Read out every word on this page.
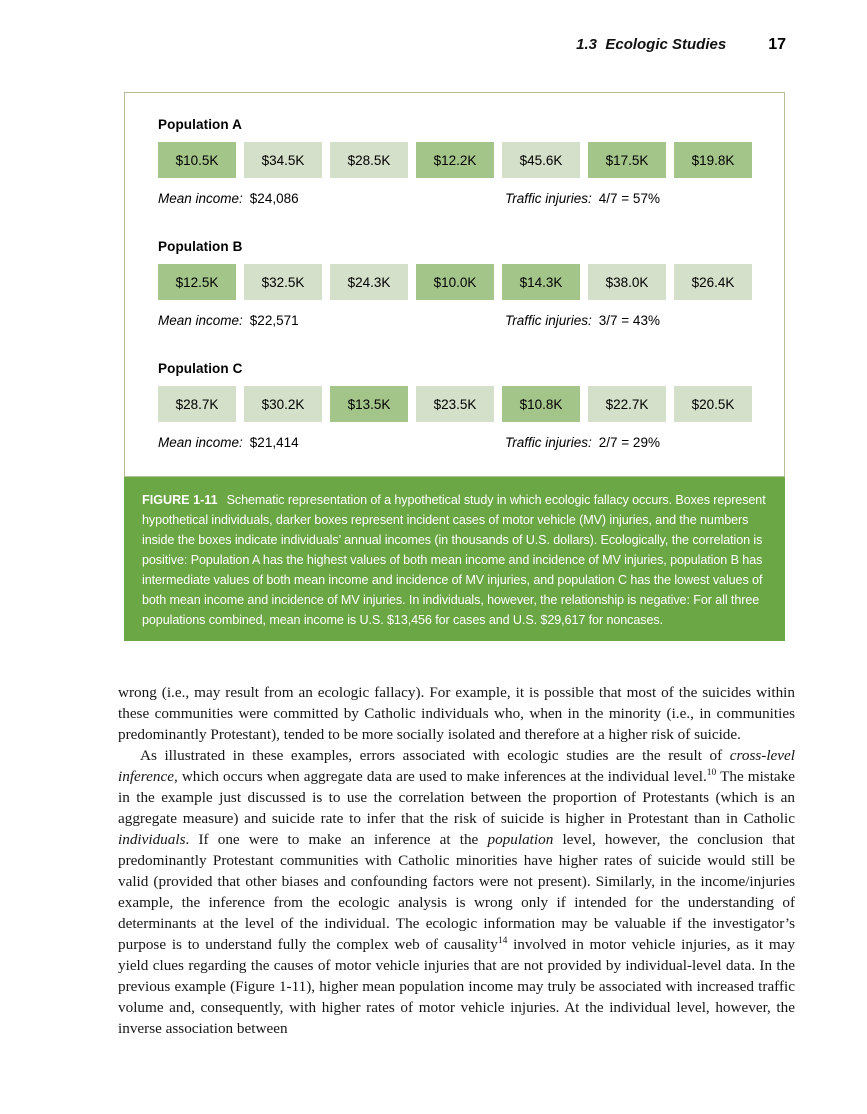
1.3  Ecologic Studies	17
Population A
$10.5K	$34.5K	$28.5K	$12.2K	$45.6K	$17.5K	$19.8K
Mean income: $24,086	Traffic injuries: 4/7 = 57%
Population B
$12.5K	$32.5K	$24.3K	$10.0K	$14.3K	$38.0K	$26.4K
Mean income: $22,571	Traffic injuries: 3/7 = 43%
Population C
$28.7K	$30.2K	$13.5K	$23.5K	$10.8K	$22.7K	$20.5K
Mean income: $21,414	Traffic injuries: 2/7 = 29%
FIGURE 1-11 Schematic representation of a hypothetical study in which ecologic fallacy occurs. Boxes represent hypothetical individuals, darker boxes represent incident cases of motor vehicle (MV) injuries, and the numbers inside the boxes indicate individuals’ annual incomes (in thousands of U.S. dollars). Ecologically, the correlation is positive: Population A has the highest values of both mean income and incidence of MV injuries, population B has intermediate values of both mean income and incidence of MV injuries, and population C has the lowest values of both mean income and incidence of MV injuries. In individuals, however, the relationship is negative: For all three populations combined, mean income is U.S. $13,456 for cases and U.S. $29,617 for noncases.

wrong (i.e., may result from an ecologic fallacy). For example, it is possible that most of the suicides within these communities were committed by Catholic individuals who, when in the minority (i.e., in communities predominantly Protestant), tended to be more socially isolated and therefore at a higher risk of suicide.

As illustrated in these examples, errors associated with ecologic studies are the result of cross-level inference, which occurs when aggregate data are used to make inferences at the individual level.$^{10}$ The mistake in the example just discussed is to use the correlation between the proportion of Protestants (which is an aggregate measure) and suicide rate to infer that the risk of suicide is higher in Protestant than in Catholic individuals. If one were to make an inference at the population level, however, the conclusion that predominantly Protestant communities with Catholic minorities have higher rates of suicide would still be valid (provided that other biases and confounding factors were not present). Similarly, in the income/injuries example, the inference from the ecologic analysis is wrong only if intended for the understanding of determinants at the level of the individual. The ecologic information may be valuable if the investigator’s purpose is to understand fully the complex web of causality$^{14}$ involved in motor vehicle injuries, as it may yield clues regarding the causes of motor vehicle injuries that are not provided by individual-level data. In the previous example (Figure 1-11), higher mean population income may truly be associated with increased traffic volume and, consequently, with higher rates of motor vehicle injuries. At the individual level, however, the inverse association between
